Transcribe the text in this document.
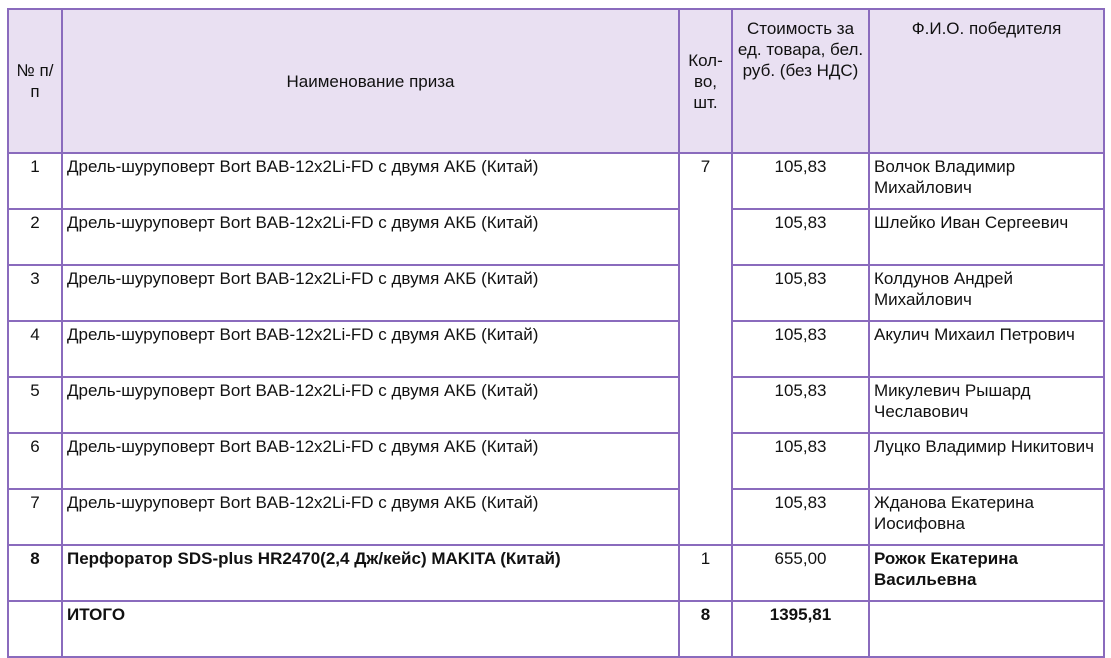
№ п/п	Наименование приза	Кол-во, шт.	Стоимость за ед. товара, бел. руб. (без НДС)	Ф.И.О. победителя
1	Дрель-шуруповерт Bort BAB-12x2Li-FD с двумя АКБ (Китай)	7	105,83	Волчок Владимир Михайлович
2	Дрель-шуруповерт Bort BAB-12x2Li-FD с двумя АКБ (Китай)		105,83	Шлейко Иван Сергеевич
3	Дрель-шуруповерт Bort BAB-12x2Li-FD с двумя АКБ (Китай)		105,83	Колдунов Андрей Михайлович
4	Дрель-шуруповерт Bort BAB-12x2Li-FD с двумя АКБ (Китай)		105,83	Акулич Михаил Петрович
5	Дрель-шуруповерт Bort BAB-12x2Li-FD с двумя АКБ (Китай)		105,83	Микулевич Рышард Чеславович
6	Дрель-шуруповерт Bort BAB-12x2Li-FD с двумя АКБ (Китай)		105,83	Луцко Владимир Никитович
7	Дрель-шуруповерт Bort BAB-12x2Li-FD с двумя АКБ (Китай)		105,83	Жданова Екатерина Иосифовна
8	Перфоратор SDS-plus HR2470(2,4 Дж/кейс) MAKITA (Китай)	1	655,00	Рожок Екатерина Васильевна
	ИТОГО	8	1395,81	
